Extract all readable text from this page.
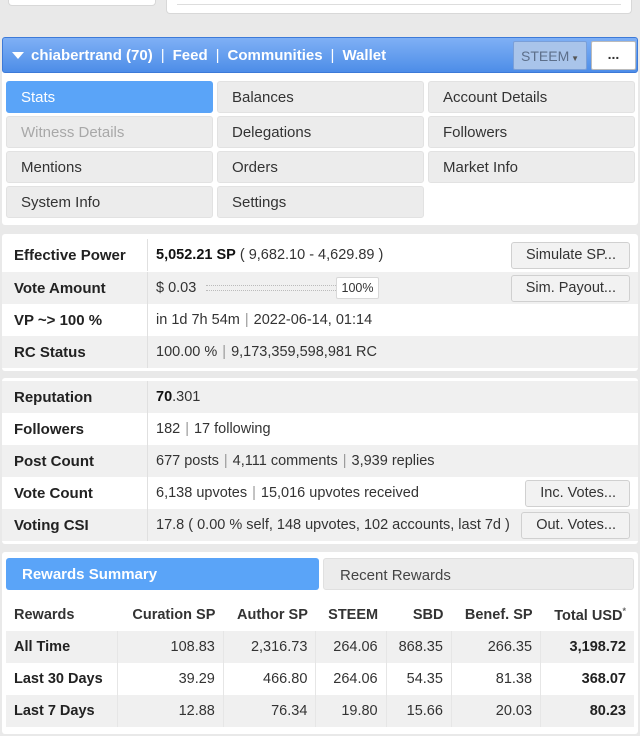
chiabertrand (70) | Feed | Communities | Wallet	STEEM ▼	...
Stats	Balances	Account Details
Witness Details	Delegations	Followers
Mentions	Orders	Market Info
System Info	Settings
Effective Power 5,052.21 SP ( 9,682.10 - 4,629.89 )	Simulate SP...
Vote Amount	$ 0.03	100%	Sim. Payout...
VP ~> 100 %	in 1d 7h 54m | 2022-06-14, 01:14
RC Status	100.00 % | 9,173,359,598,981 RC
Reputation	70.301
Followers	182 | 17 following
Post Count	677 posts | 4,111 comments | 3,939 replies
Vote Count	6,138 upvotes | 15,016 upvotes received	Inc. Votes...
Voting CSI	17.8 ( 0.00 % self, 148 upvotes, 102 accounts, last 7d )	Out. Votes...
Rewards Summary	Recent Rewards
Rewards	Curation SP	Author SP	STEEM	SBD	Benef. SP	Total USD*
All Time	108.83	2,316.73	264.06	868.35	266.35	3,198.72
Last 30 Days	39.29	466.80	264.06	54.35	81.38	368.07
Last 7 Days	12.88	76.34	19.80	15.66	20.03	80.23
